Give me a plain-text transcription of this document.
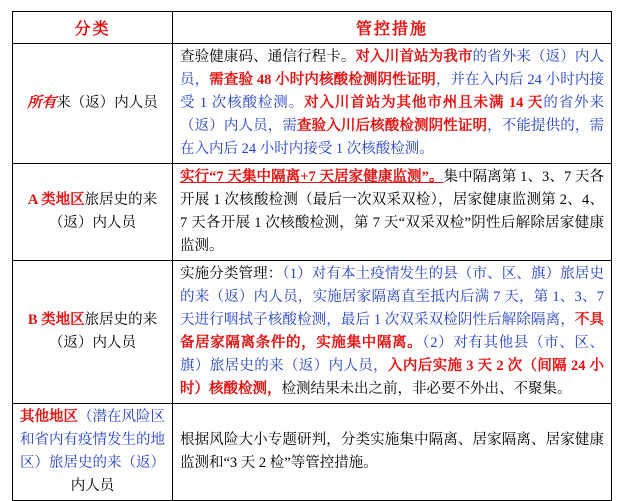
分类	管控措施
所有来（返）内人员	查验健康码、通信行程卡。对入川首站为我市的省外来（返）内人员，需查验 48 小时内核酸检测阴性证明，并在入内后 24 小时内接受 1 次核酸检测。对入川首站为其他市州且未满 14 天的省外来（返）内人员，需查验入川后核酸检测阴性证明，不能提供的，需在入内后 24 小时内接受 1 次核酸检测。
A 类地区旅居史的来（返）内人员	实行“7 天集中隔离+7 天居家健康监测”。集中隔离第 1、3、7 天各开展 1 次核酸检测（最后一次双采双检），居家健康监测第 2、4、7 天各开展 1 次核酸检测，第 7 天“双采双检”阴性后解除居家健康监测。
B 类地区旅居史的来（返）内人员	实施分类管理：（1）对有本土疫情发生的县（市、区、旗）旅居史的来（返）内人员，实施居家隔离直至抵内后满 7 天，第 1、3、7 天进行咽拭子核酸检测，最后 1 次双采双检阴性后解除隔离，不具备居家隔离条件的，实施集中隔离。（2）对有其他县（市、区、旗）旅居史的来（返）内人员，入内后实施 3 天 2 次（间隔 24 小时）核酸检测，检测结果未出之前，非必要不外出、不聚集。
其他地区（潜在风险区和省内有疫情发生的地区）旅居史的来（返）内人员	根据风险大小专题研判，分类实施集中隔离、居家隔离、居家健康监测和“3 天 2 检”等管控措施。
